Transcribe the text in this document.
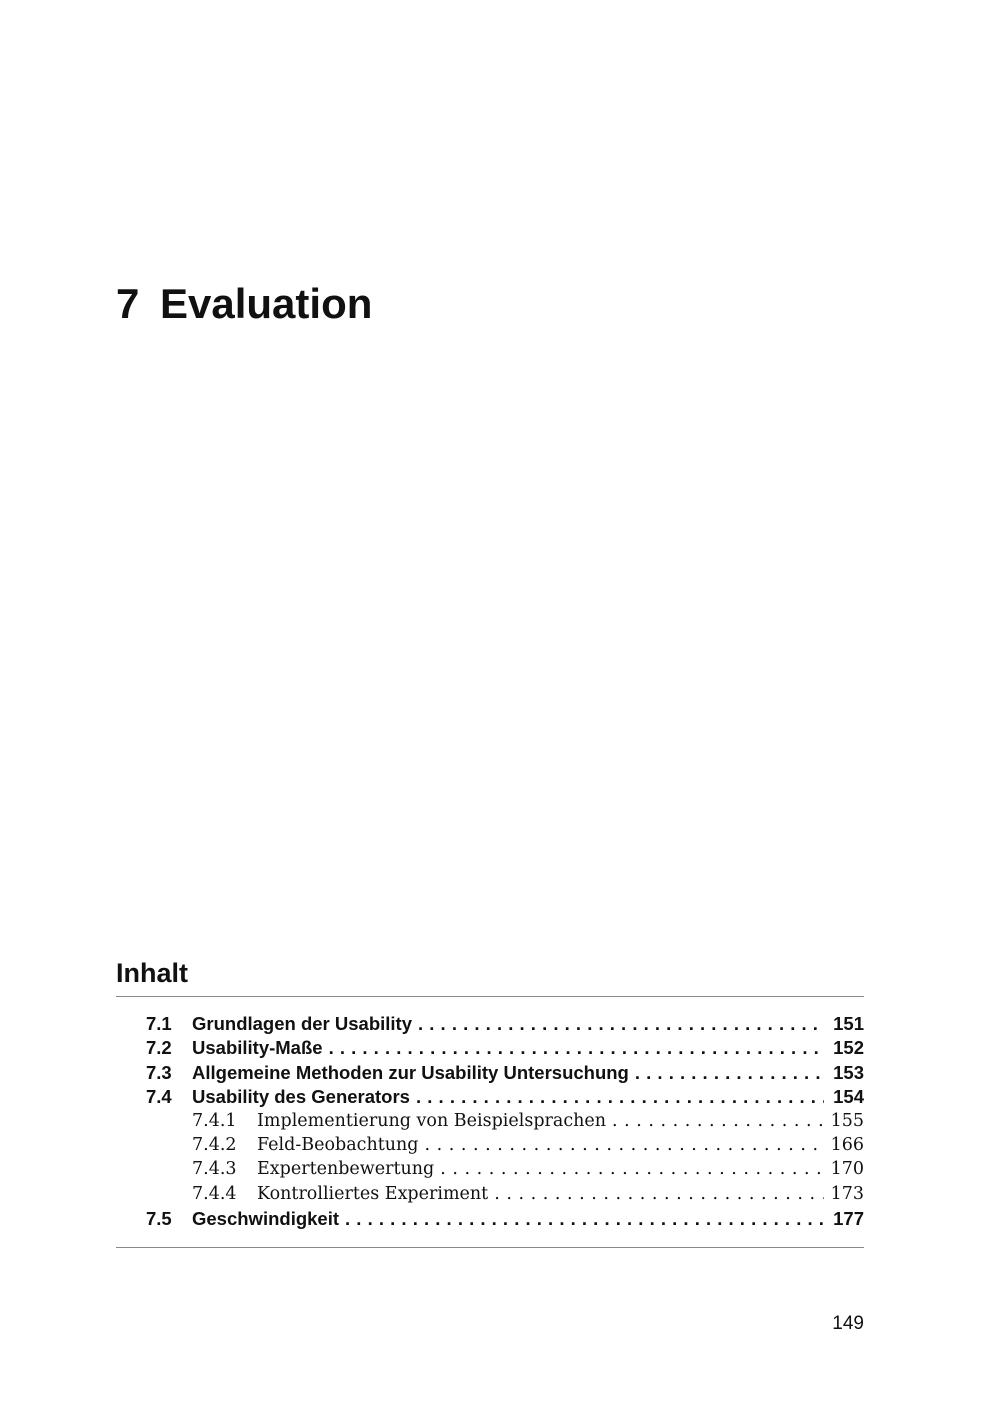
7 Evaluation
Inhalt
7.1	Grundlagen der Usability . . .	151
7.2	Usability-Maße . . .	152
7.3	Allgemeine Methoden zur Usability Untersuchung . . .	153
7.4	Usability des Generators . . .	154
7.4.1	Implementierung von Beispielsprachen . . .	155
7.4.2	Feld-Beobachtung . . .	166
7.4.3	Expertenbewertung . . .	170
7.4.4	Kontrolliertes Experiment . . .	173
7.5	Geschwindigkeit . . .	177
149
